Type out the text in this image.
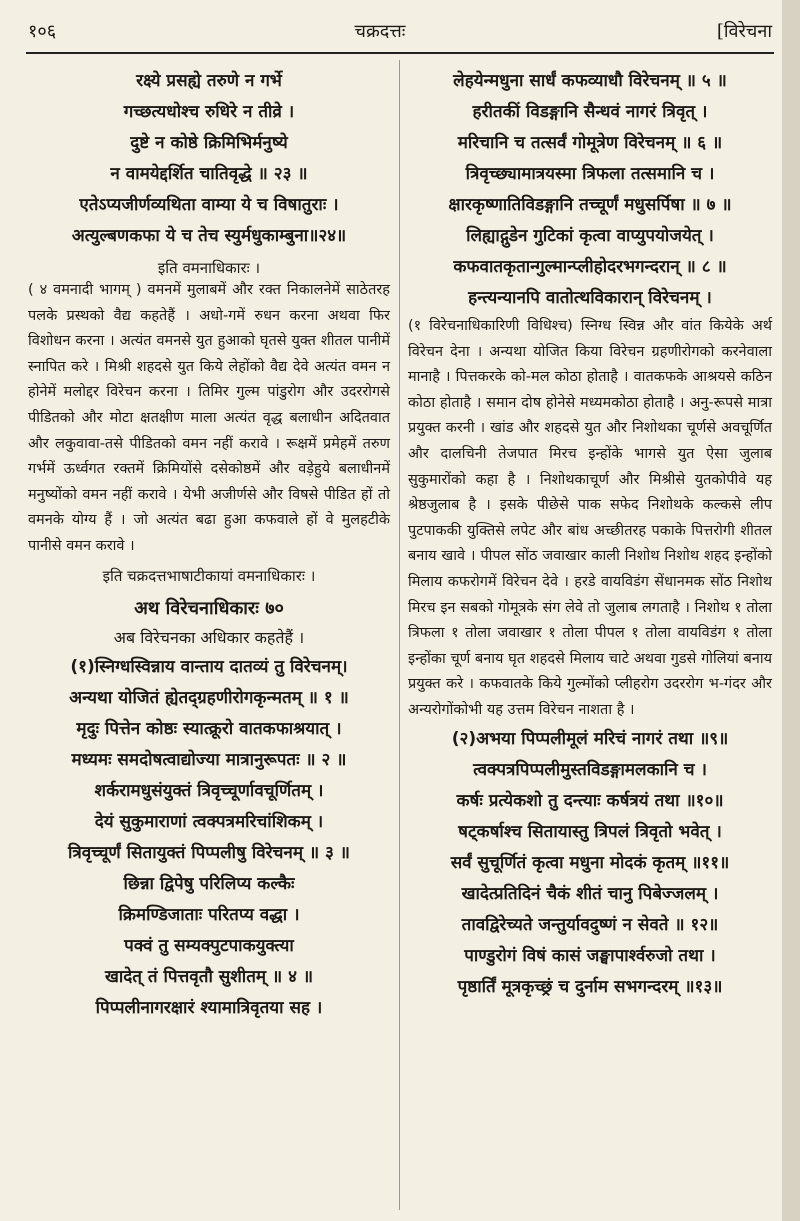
१०६	चक्रदत्तः	[विरेचना
रक्ष्ये प्रसह्ये तरुणे न गर्भे
गच्छत्यधोश्च रुधिरे न तीव्रे ।
दुष्टे न कोष्ठे क्रिमिभिर्मनुष्ये
न वामयेद्दर्शित चातिवृद्धे ॥ २३ ॥
एतेऽप्यजीर्णव्यथिता वाम्या ये च विषातुराः ।
अत्युल्बणकफा ये च तेच स्युर्मधुकाम्बुना॥२४॥
इति वमनाधिकारः ।
( ४ वमनादी भागम् ) वमनमें मुलाबमें और रक्त निकालनेमें साठेतरह पलके प्रस्थको वैद्य कहतेहैं । अधो-गमें रुधन करना अथवा फिर विशोधन करना । अत्यंत वमनसे युत हुआको घृतसे युक्त शीतल पानीमें स्नापित करे । मिश्री शहदसे युत किये लेहोंको वैद्य देवे अत्यंत वमन न होनेमें मलोद्दर विरेचन करना । तिमिर गुल्म पांडुरोग और उदररोगसे पीडितको और मोटा क्षतक्षीण माला अत्यंत वृद्ध बलाधीन अदितवात और लकुवावा-तसे पीडितको वमन नहीं करावे । रूक्षमें प्रमेहमें तरुण गर्भमें ऊर्ध्वगत रक्तमें क्रिमियोंसे दसेकोष्ठमें और वड़ेहुये बलाधीनमें मनुष्योंको वमन नहीं करावे । येभी अजीर्णसे और विषसे पीडित हों तो वमनके योग्य हैं । जो अत्यंत बढा हुआ कफवाले हों वे मुलहटीके पानीसे वमन करावे ।
इति चक्रदत्तभाषाटीकायां वमनाधिकारः ।
अथ विरेचनाधिकारः ७०
अब विरेचनका अधिकार कहतेहैं ।
(१)स्निग्धस्विन्नाय वान्ताय दातव्यं तु विरेचनम्।
अन्यथा योजितं ह्येतद्ग्रहणीरोगकृन्मतम् ॥ १ ॥
मृदुः पित्तेन कोष्ठः स्यात्क्रूरो वातकफाश्रयात् ।
मध्यमः समदोषत्वाद्योज्या मात्रानुरूपतः ॥ २ ॥
शर्करामधुसंयुक्तं त्रिवृच्चूर्णावचूर्णितम् ।
देयं सुकुमाराणां त्वक्पत्रमरिचांशिकम् ।
त्रिवृच्चूर्णं सितायुक्तं पिप्पलीषु विरेचनम् ॥ ३ ॥
छिन्ना द्विपेषु परिलिप्य कल्कैः
क्रिमण्डिजाताः परितप्य वद्धा ।
पक्वं तु सम्यक्पुटपाकयुक्त्या
खादेत् तं पित्तवृतौ सुशीतम् ॥ ४ ॥
पिप्पलीनागरक्षारं श्यामात्रिवृतया सह ।
लेहयेन्मधुना सार्धं कफव्याधौ विरेचनम् ॥ ५ ॥
हरीतकीं विडङ्गानि सैन्धवं नागरं त्रिवृत् ।
मरिचानि च तत्सर्वं गोमूत्रेण विरेचनम् ॥ ६ ॥
त्रिवृच्छ्यामात्रयस्मा त्रिफला तत्समानि च ।
क्षारकृष्णातिविडङ्गानि तच्चूर्णं मधुसर्पिषा ॥ ७ ॥
लिह्याद्गुडेन गुटिकां कृत्वा वाप्युपयोजयेत् ।
कफवातकृतान्गुल्मान्प्लीहोदरभगन्दरान् ॥ ८ ॥
हन्त्यन्यानपि वातोत्थविकारान् विरेचनम् ।
(१ विरेचनाधिकारिणी विधिश्च) स्निग्ध स्विन्न और वांत कियेके अर्थ विरेचन देना । अन्यथा योजित किया विरेचन ग्रहणीरोगको करनेवाला मानाहै । पित्तकरके को-मल कोठा होताहै । वातकफके आश्रयसे कठिन कोठा होताहै । समान दोष होनेसे मध्यमकोठा होताहै । अनु-रूपसे मात्रा प्रयुक्त करनी । खांड और शहदसे युत और निशोथका चूर्णसे अवचूर्णित और दालचिनी तेजपात मिरच इन्होंके भागसे युत ऐसा जुलाब सुकुमारोंको कहा है । निशोथकाचूर्ण और मिश्रीसे युतकोपीवे यह श्रेष्ठजुलाब है । इसके पीछेसे पाक सफेद निशोथके कल्कसे लीप पुटपाककी युक्तिसे लपेट और बांध अच्छीतरह पकाके पित्तरोगी शीतल बनाय खावे । पीपल सोंठ जवाखार काली निशोथ निशोथ शहद इन्होंको मिलाय कफरोगमें विरेचन देवे । हरडे वायविडंग सेंधानमक सोंठ निशोथ मिरच इन सबको गोमूत्रके संग लेवे तो जुलाब लगताहै । निशोथ १ तोला त्रिफला १ तोला जवाखार १ तोला पीपल १ तोला वायविडंग १ तोला इन्होंका चूर्ण बनाय घृत शहदसे मिलाय चाटे अथवा गुडसे गोलियां बनाय प्रयुक्त करे । कफवातके किये गुल्मोंको प्लीहरोग उदररोग भ-गंदर और अन्यरोगोंकोभी यह उत्तम विरेचन नाशता है ।
(२)अभया पिप्पलीमूलं मरिचं नागरं तथा ॥९॥
त्वक्पत्रपिप्पलीमुस्तविडङ्गामलकानि च ।
कर्षः प्रत्येकशो तु दन्त्याः कर्षत्रयं तथा ॥१०॥
षट्कर्षाश्च सितायास्तु त्रिपलं त्रिवृतो भवेत् ।
सर्वं सुचूर्णितं कृत्वा मधुना मोदकं कृतम् ॥११॥
खादेत्प्रतिदिनं चैकं शीतं चानु पिबेज्जलम् ।
तावद्विरेच्यते जन्तुर्यावदुष्णं न सेवते ॥ १२॥
पाण्डुरोगं विषं कासं जङ्घापार्श्वरुजो तथा ।
पृष्ठार्तिं मूत्रकृच्छ्रं च दुर्नाम सभगन्दरम् ॥१३॥
